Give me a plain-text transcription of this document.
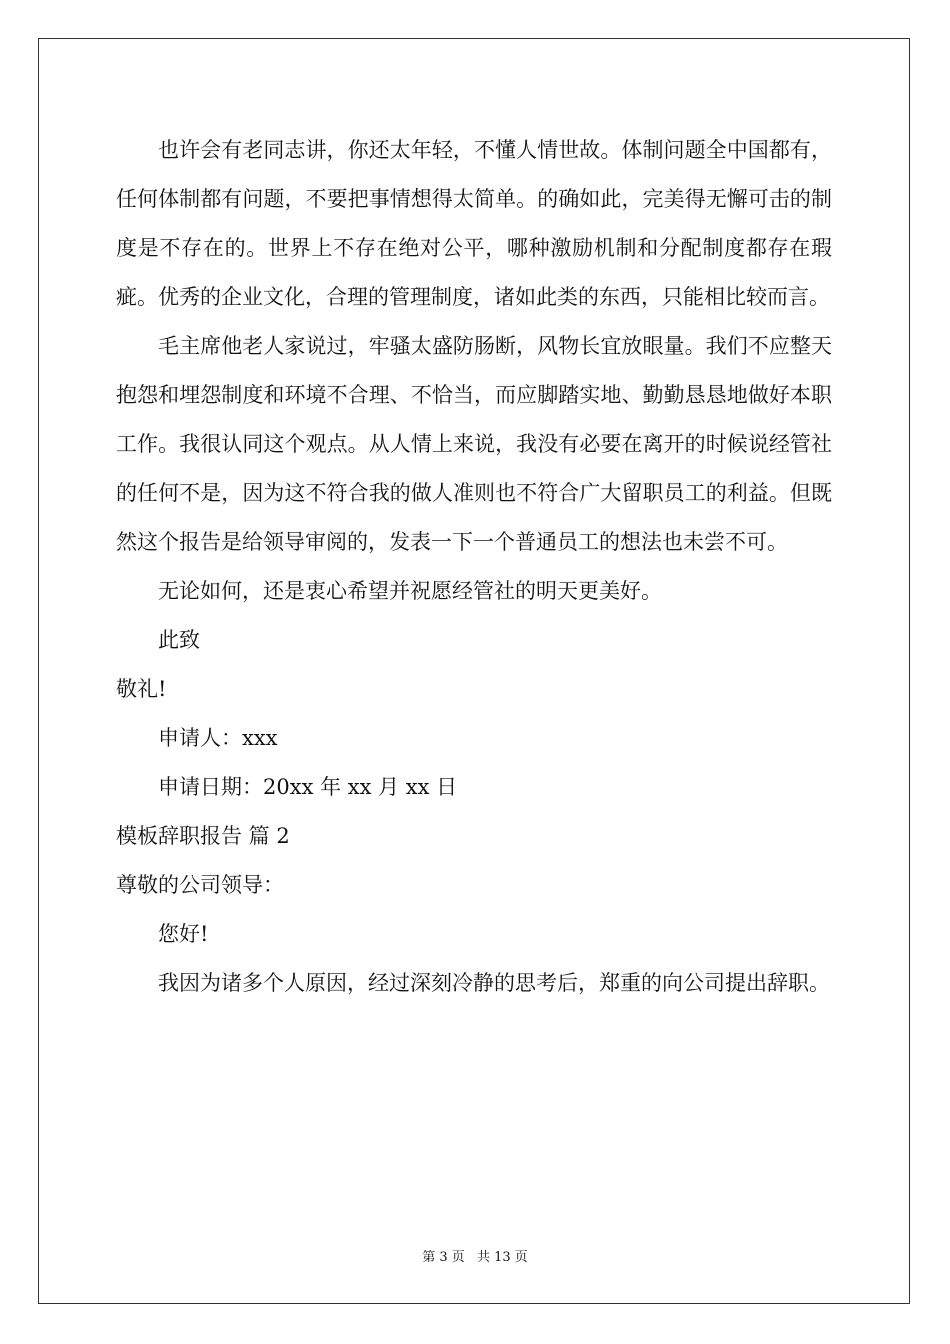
也许会有老同志讲，你还太年轻，不懂人情世故。体制问题全中国都有，任何体制都有问题，不要把事情想得太简单。的确如此，完美得无懈可击的制度是不存在的。世界上不存在绝对公平，哪种激励机制和分配制度都存在瑕疵。优秀的企业文化，合理的管理制度，诸如此类的东西，只能相比较而言。

毛主席他老人家说过，牢骚太盛防肠断，风物长宜放眼量。我们不应整天抱怨和埋怨制度和环境不合理、不恰当，而应脚踏实地、勤勤恳恳地做好本职工作。我很认同这个观点。从人情上来说，我没有必要在离开的时候说经管社的任何不是，因为这不符合我的做人准则也不符合广大留职员工的利益。但既然这个报告是给领导审阅的，发表一下一个普通员工的想法也未尝不可。

无论如何，还是衷心希望并祝愿经管社的明天更美好。

此致

敬礼!

申请人：xxx

申请日期：20xx 年 xx 月 xx 日

模板辞职报告 篇 2

尊敬的公司领导：

您好!

我因为诸多个人原因，经过深刻冷静的思考后，郑重的向公司提出辞职。

第 3 页 共 13 页
